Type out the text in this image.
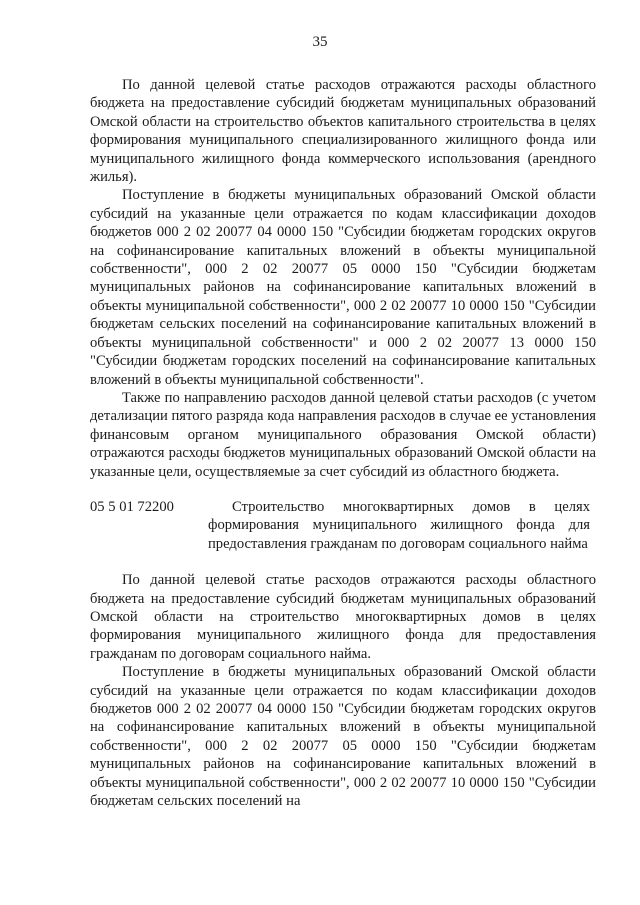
35

По данной целевой статье расходов отражаются расходы областного бюджета на предоставление субсидий бюджетам муниципальных образований Омской области на строительство объектов капитального строительства в целях формирования муниципального специализированного жилищного фонда или муниципального жилищного фонда коммерческого использования (арендного жилья).

Поступление в бюджеты муниципальных образований Омской области субсидий на указанные цели отражается по кодам классификации доходов бюджетов 000 2 02 20077 04 0000 150 "Субсидии бюджетам городских округов на софинансирование капитальных вложений в объекты муниципальной собственности", 000 2 02 20077 05 0000 150 "Субсидии бюджетам муниципальных районов на софинансирование капитальных вложений в объекты муниципальной собственности", 000 2 02 20077 10 0000 150 "Субсидии бюджетам сельских поселений на софинансирование капитальных вложений в объекты муниципальной собственности" и 000 2 02 20077 13 0000 150 "Субсидии бюджетам городских поселений на софинансирование капитальных вложений в объекты муниципальной собственности".

Также по направлению расходов данной целевой статьи расходов (с учетом детализации пятого разряда кода направления расходов в случае ее установления финансовым органом муниципального образования Омской области) отражаются расходы бюджетов муниципальных образований Омской области на указанные цели, осуществляемые за счет субсидий из областного бюджета.

05 5 01 72200	Строительство многоквартирных домов в целях формирования муниципального жилищного фонда для предоставления гражданам по договорам социального найма

По данной целевой статье расходов отражаются расходы областного бюджета на предоставление субсидий бюджетам муниципальных образований Омской области на строительство многоквартирных домов в целях формирования муниципального жилищного фонда для предоставления гражданам по договорам социального найма.

Поступление в бюджеты муниципальных образований Омской области субсидий на указанные цели отражается по кодам классификации доходов бюджетов 000 2 02 20077 04 0000 150 "Субсидии бюджетам городских округов на софинансирование капитальных вложений в объекты муниципальной собственности", 000 2 02 20077 05 0000 150 "Субсидии бюджетам муниципальных районов на софинансирование капитальных вложений в объекты муниципальной собственности", 000 2 02 20077 10 0000 150 "Субсидии бюджетам сельских поселений на
